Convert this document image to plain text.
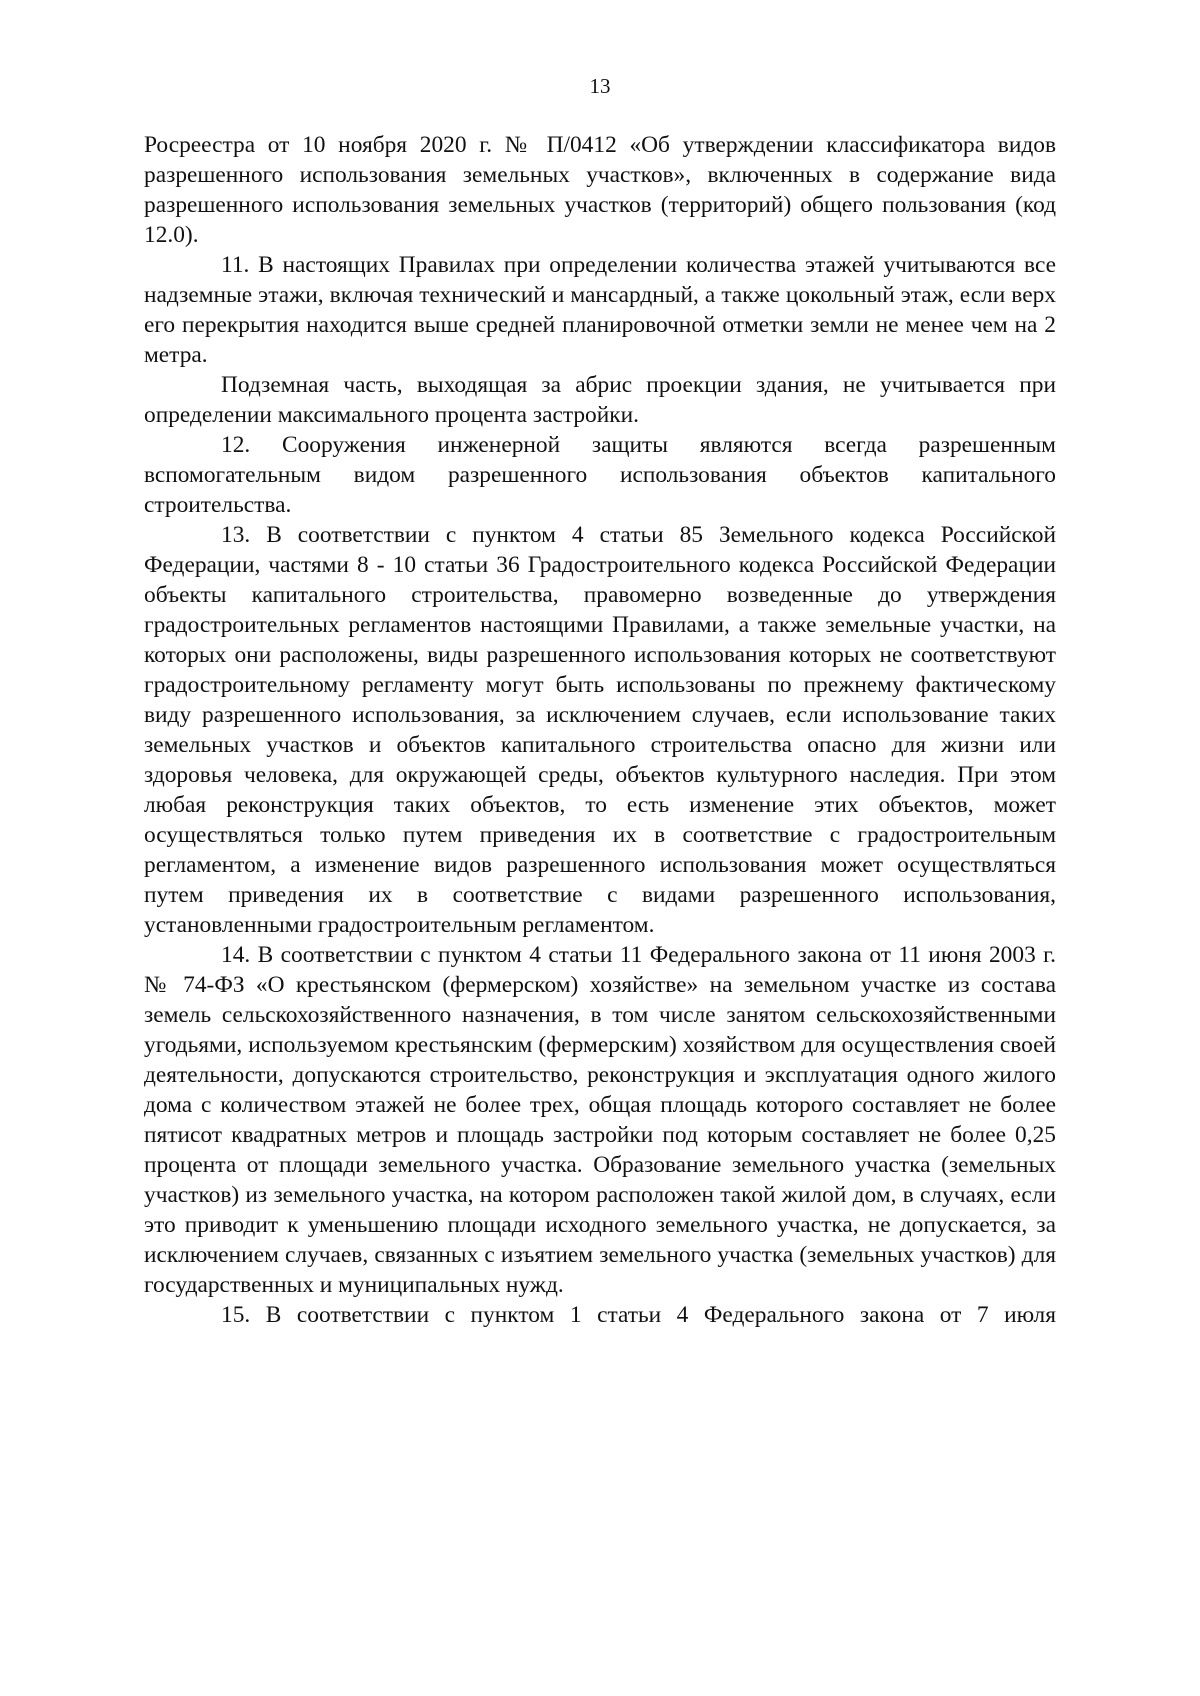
13

Росреестра от 10 ноября 2020 г. № П/0412 «Об утверждении классификатора видов разрешенного использования земельных участков», включенных в содержание вида разрешенного использования земельных участков (территорий) общего пользования (код 12.0).

11. В настоящих Правилах при определении количества этажей учитываются все надземные этажи, включая технический и мансардный, а также цокольный этаж, если верх его перекрытия находится выше средней планировочной отметки земли не менее чем на 2 метра.

Подземная часть, выходящая за абрис проекции здания, не учитывается при определении максимального процента застройки.

12. Сооружения инженерной защиты являются всегда разрешенным вспомогательным видом разрешенного использования объектов капитального строительства.

13. В соответствии с пунктом 4 статьи 85 Земельного кодекса Российской Федерации, частями 8 - 10 статьи 36 Градостроительного кодекса Российской Федерации объекты капитального строительства, правомерно возведенные до утверждения градостроительных регламентов настоящими Правилами, а также земельные участки, на которых они расположены, виды разрешенного использования которых не соответствуют градостроительному регламенту могут быть использованы по прежнему фактическому виду разрешенного использования, за исключением случаев, если использование таких земельных участков и объектов капитального строительства опасно для жизни или здоровья человека, для окружающей среды, объектов культурного наследия. При этом любая реконструкция таких объектов, то есть изменение этих объектов, может осуществляться только путем приведения их в соответствие с градостроительным регламентом, а изменение видов разрешенного использования может осуществляться путем приведения их в соответствие с видами разрешенного использования, установленными градостроительным регламентом.

14. В соответствии с пунктом 4 статьи 11 Федерального закона от 11 июня 2003 г. № 74-ФЗ «О крестьянском (фермерском) хозяйстве» на земельном участке из состава земель сельскохозяйственного назначения, в том числе занятом сельскохозяйственными угодьями, используемом крестьянским (фермерским) хозяйством для осуществления своей деятельности, допускаются строительство, реконструкция и эксплуатация одного жилого дома с количеством этажей не более трех, общая площадь которого составляет не более пятисот квадратных метров и площадь застройки под которым составляет не более 0,25 процента от площади земельного участка. Образование земельного участка (земельных участков) из земельного участка, на котором расположен такой жилой дом, в случаях, если это приводит к уменьшению площади исходного земельного участка, не допускается, за исключением случаев, связанных с изъятием земельного участка (земельных участков) для государственных и муниципальных нужд.

15. В соответствии с пунктом 1 статьи 4 Федерального закона от 7 июля
